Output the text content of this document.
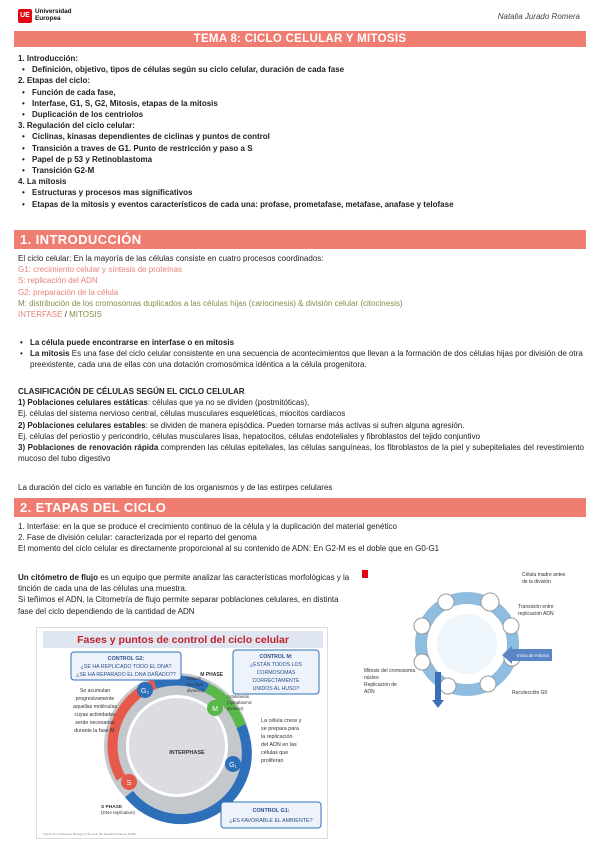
UE
Universidad
Europea	Natalia Jurado Romera
TEMA 8: CICLO CELULAR Y MITOSIS
1. Introducción:
• Definición, objetivo, tipos de células según su ciclo celular, duración de cada fase
2. Etapas del ciclo:
• Función de cada fase,
• Interfase, G1, S, G2, Mitosis, etapas de la mitosis
• Duplicación de los centriolos
3. Regulación del ciclo celular:
• Ciclinas, kinasas dependientes de ciclinas y puntos de control
• Transición a traves de G1. Punto de restricción y paso a S
• Papel de p 53 y Retinoblastoma
• Transición G2-M
4. La mitosis
• Estructuras y procesos mas significativos
• Etapas de la mitosis y eventos característicos de cada una: profase, prometafase, metafase, anafase y telofase
1. INTRODUCCIÓN
El ciclo celular: En la mayoría de las células consiste en cuatro procesos coordinados:
G1: crecimiento celular y síntesis de proteínas
S: replicación del ADN
G2: preparación de la célula
M: distribución de los cromosomas duplicados a las células hijas (cariocinesis) & división celular (citocinesis)
INTERFASE / MITOSIS
• La célula puede encontrarse en interfase o en mitosis
• La mitosis Es una fase del ciclo celular consistente en una secuencia de acontecimientos que llevan a la formación de dos células hijas por división de otra preexistente, cada una de ellas con una dotación cromosómica idéntica a la célula progenitora.
CLASIFICACIÓN DE CÉLULAS SEGÚN EL CICLO CELULAR
1) Poblaciones celulares estáticas: células que ya no se dividen (postmitóticas),
Ej. células del sistema nervioso central, células musculares esqueléticas, miocitos cardiacos
2) Poblaciones celulares estables: se dividen de manera episódica. Pueden tornarse más activas si sufren alguna agresión.
Ej. células del periostio y pericondrio, células musculares lisas, hepatocitos, células endoteliales y fibroblastos del tejido conjuntivo
3) Poblaciones de renovación rápida comprenden las células epiteliales, las células sanguíneas, los fibroblastos de la piel y subepiteliales del revestimiento mucoso del tubo digestivo
La duración del ciclo es variable en función de los organismos y de las estirpes celulares
2. ETAPAS DEL CICLO
1. Interfase: en la que se produce el crecimiento continuo de la célula y la duplicación del material genético
2. Fase de división celular: caracterizada por el reparto del genoma
El momento del ciclo celular es directamente proporcional al su contenido de ADN: En G2-M es el doble que en G0-G1
Un citómetro de flujo es un equipo que permite analizar las características morfológicas y la tinción de cada una de las células una muestra.
Si teñimos el ADN, la Citometría de flujo permite separar poblaciones celulares, en distinta fase del ciclo dependiendo de la cantidad de ADN
Fases y puntos de control del ciclo celular
G₂
M
G₁
S
INTERPHASE
CONTROL G2:
¿SE HA REPLICADO TODO EL DNA?
¿SE HA REPARADO EL DNA DAÑADO??
CONTROL M:
¿ESTÁN TODOS LOS
CORMOSOMAS
CORRECTAMENTE
UNIDOS AL HUSO?
M PHASE
mitosis
(nuclear
division)
cytokinesis
(cytoplasmic
division)
Se acumulan
progresivamente
aquellas moléculas
cuyas actividades
serán necesarias
durante la fase M.
La célula crece y
se prepara para
la replicación
del ADN en las
células que
proliferan
S PHASE
(DNA replication)	CONTROL G1:
¿ES FAVORABLE EL AMBIENTE?
Figure 17-4 Molecular Biology of the Cell, 5/e (Garland Science 2008)
Inicio de mitosis
Célula madre antes
de la división
Transición entre
replicación ADN
Mitosis del cromosoma
núcleo
Replicación de
ADN	Recolección G0
